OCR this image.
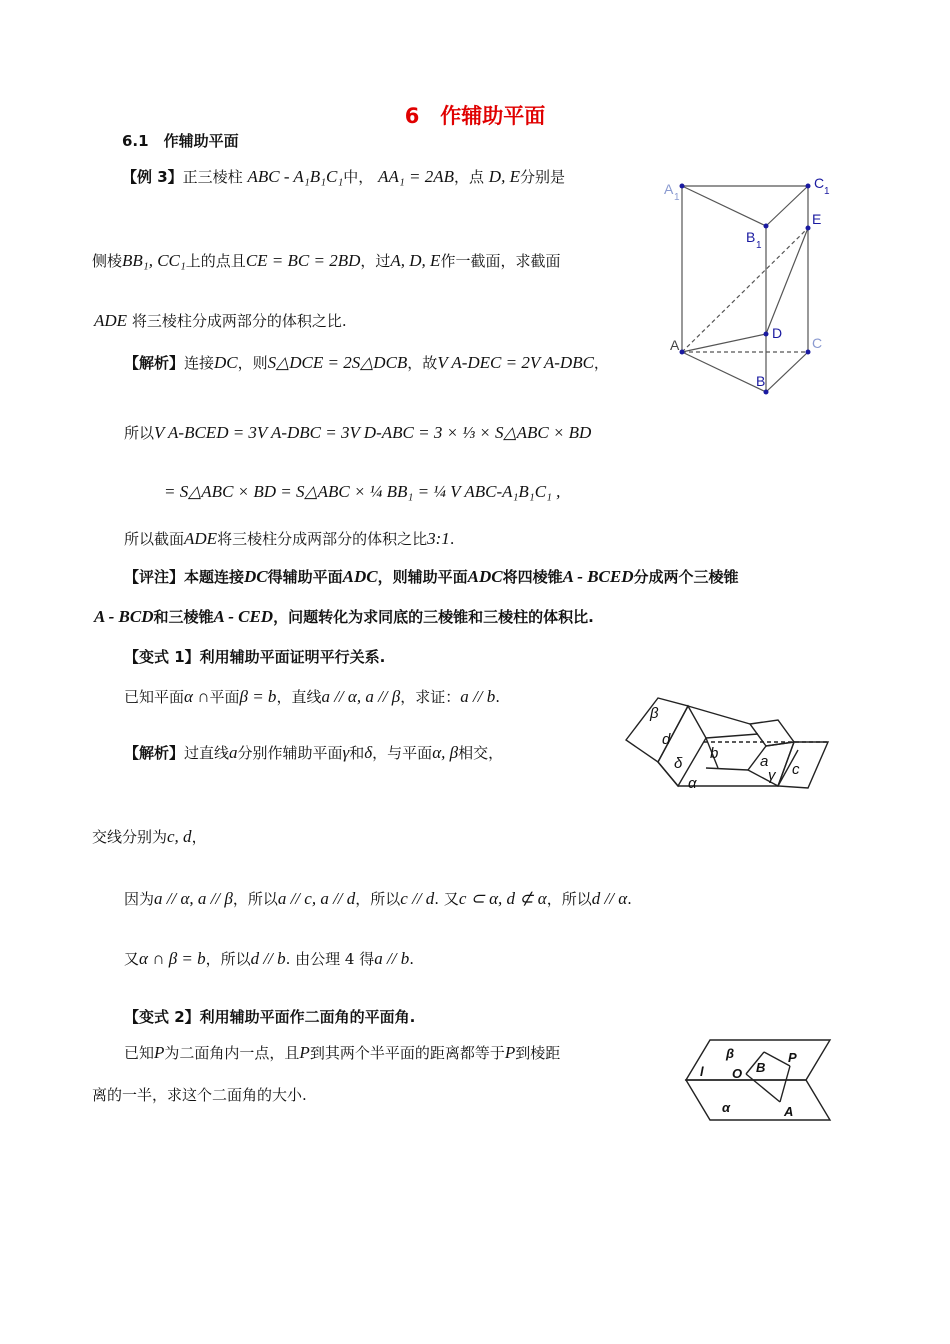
6　作辅助平面
6.1　作辅助平面
【例 3】正三棱柱 ABC - A₁B₁C₁中， AA₁ = 2AB，点 D, E分别是
侧棱BB₁, CC₁上的点且CE = BC = 2BD，过A, D, E作一截面，求截面
ADE 将三棱柱分成两部分的体积之比.
【解析】连接DC，则S△DCE = 2S△DCB，故V A-DEC = 2V A-DBC，
所以V A-BCED = 3V A-DBC = 3V D-ABC = 3 × ⅓ × S△ABC × BD
= S△ABC × BD = S△ABC × ¼ BB₁ = ¼ V ABC-A₁B₁C₁ ,
所以截面ADE将三棱柱分成两部分的体积之比3:1.
【评注】本题连接DC得辅助平面ADC，则辅助平面ADC将四棱锥A - BCED分成两个三棱锥
A - BCD和三棱锥A - CED，问题转化为求同底的三棱锥和三棱柱的体积比.
【变式 1】利用辅助平面证明平行关系.
已知平面α ∩平面β = b，直线a // α, a // β，求证：a // b.
【解析】过直线a分别作辅助平面γ和δ，与平面α, β相交，
交线分别为c, d，
因为a // α, a // β，所以a // c, a // d，所以c // d. 又c ⊂ α, d ⊄ α，所以d // α.
又α ∩ β = b，所以d // b. 由公理 4 得a // b.
【变式 2】利用辅助平面作二面角的平面角.
已知P为二面角内一点，且P到其两个半平面的距离都等于P到棱距
离的一半，求这个二面角的大小.
A
1
C
1
B
1
E
D
A	C
B
β
d
δ
b	a
γ c
α
β
l O B
P
α	A
